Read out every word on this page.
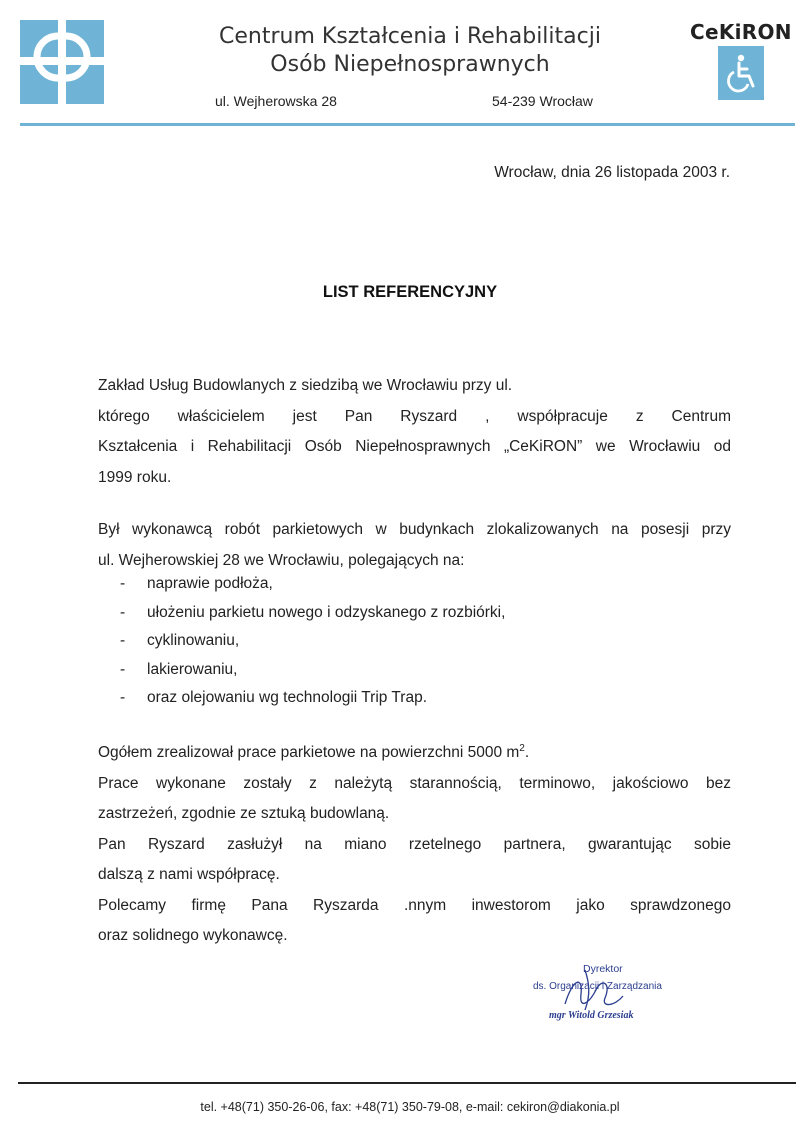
Centrum Kształcenia i Rehabilitacji
Osób Niepełnosprawnych
ul. Wejherowska 28	54-239 Wrocław
CeKiRON
Wrocław, dnia 26 listopada 2003 r.
LIST REFERENCYJNY
Zakład Usług Budowlanych z siedzibą we Wrocławiu przy ul.
którego właścicielem jest Pan Ryszard , współpracuje z Centrum
Kształcenia i Rehabilitacji Osób Niepełnosprawnych „CeKiRON” we Wrocławiu od
1999 roku.
Był wykonawcą robót parkietowych w budynkach zlokalizowanych na posesji przy
ul. Wejherowskiej 28 we Wrocławiu, polegających na:
- naprawie podłoża,
- ułożeniu parkietu nowego i odzyskanego z rozbiórki,
- cyklinowaniu,
- lakierowaniu,
- oraz olejowaniu wg technologii Trip Trap.
Ogółem zrealizował prace parkietowe na powierzchni 5000 $m^2$.
Prace wykonane zostały z należytą starannością, terminowo, jakościowo bez
zastrzeżeń, zgodnie ze sztuką budowlaną.
Pan Ryszard zasłużył na miano rzetelnego partnera, gwarantując sobie
dalszą z nami współpracę.
Polecamy firmę Pana Ryszarda .nnym inwestorom jako sprawdzonego
oraz solidnego wykonawcę.
Dyrektor
ds. Organizacji i Zarządzania
mgr Witold Grzesiak
tel. +48(71) 350-26-06, fax: +48(71) 350-79-08, e-mail: cekiron@diakonia.pl
